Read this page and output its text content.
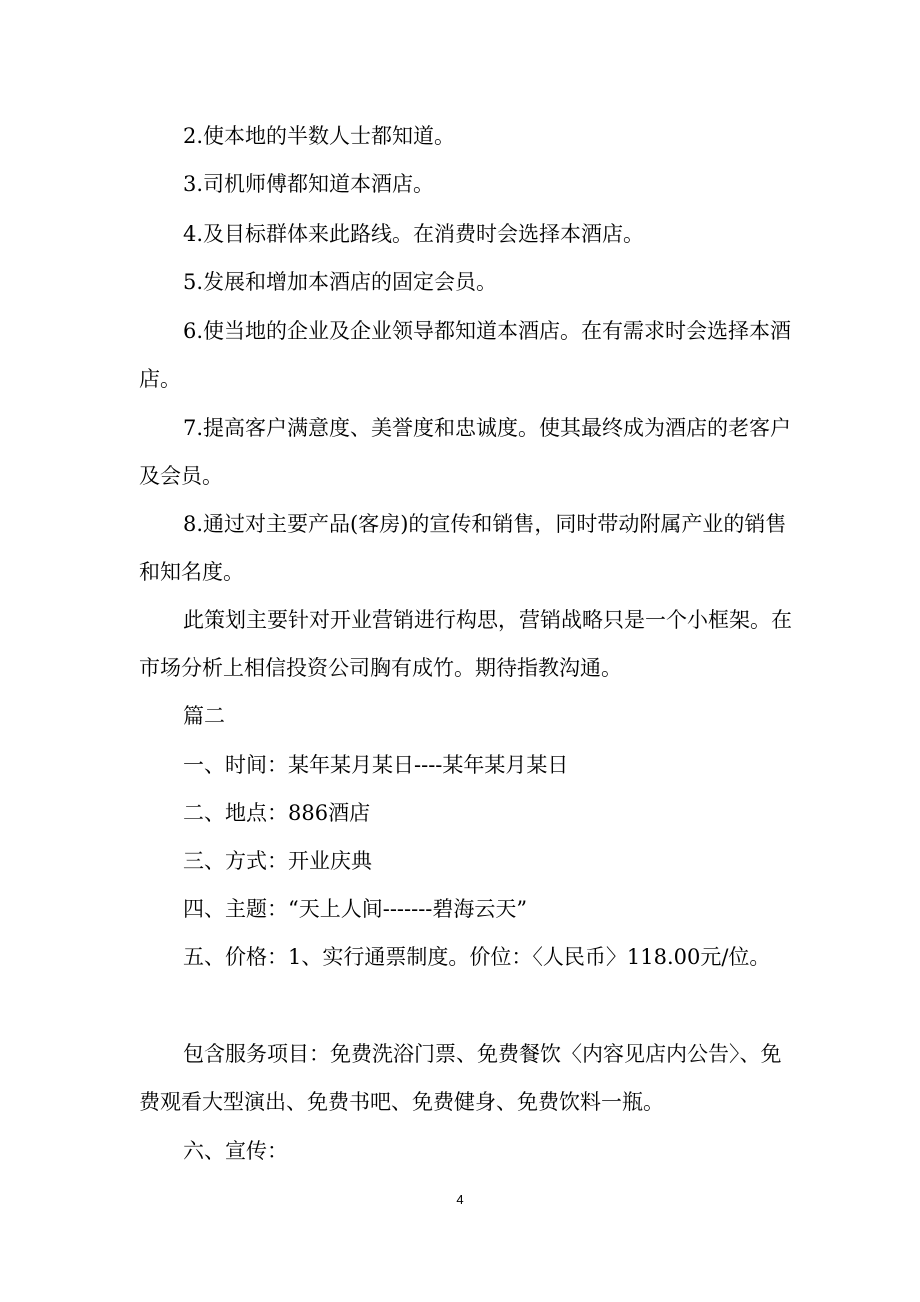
2.使本地的半数人士都知道。

3.司机师傅都知道本酒店。

4.及目标群体来此路线。在消费时会选择本酒店。

5.发展和增加本酒店的固定会员。

6.使当地的企业及企业领导都知道本酒店。在有需求时会选择本酒店。

7.提高客户满意度、美誉度和忠诚度。使其最终成为酒店的老客户及会员。

8.通过对主要产品(客房)的宣传和销售，同时带动附属产业的销售和知名度。

此策划主要针对开业营销进行构思，营销战略只是一个小框架。在市场分析上相信投资公司胸有成竹。期待指教沟通。

篇二

一、时间：某年某月某日----某年某月某日

二、地点：886酒店

三、方式：开业庆典

四、主题：“天上人间-------碧海云天”

五、价格：1、实行通票制度。价位：〈人民币〉118.00元/位。

包含服务项目：免费洗浴门票、免费餐饮〈内容见店内公告〉、免费观看大型演出、免费书吧、免费健身、免费饮料一瓶。

六、宣传：

4
